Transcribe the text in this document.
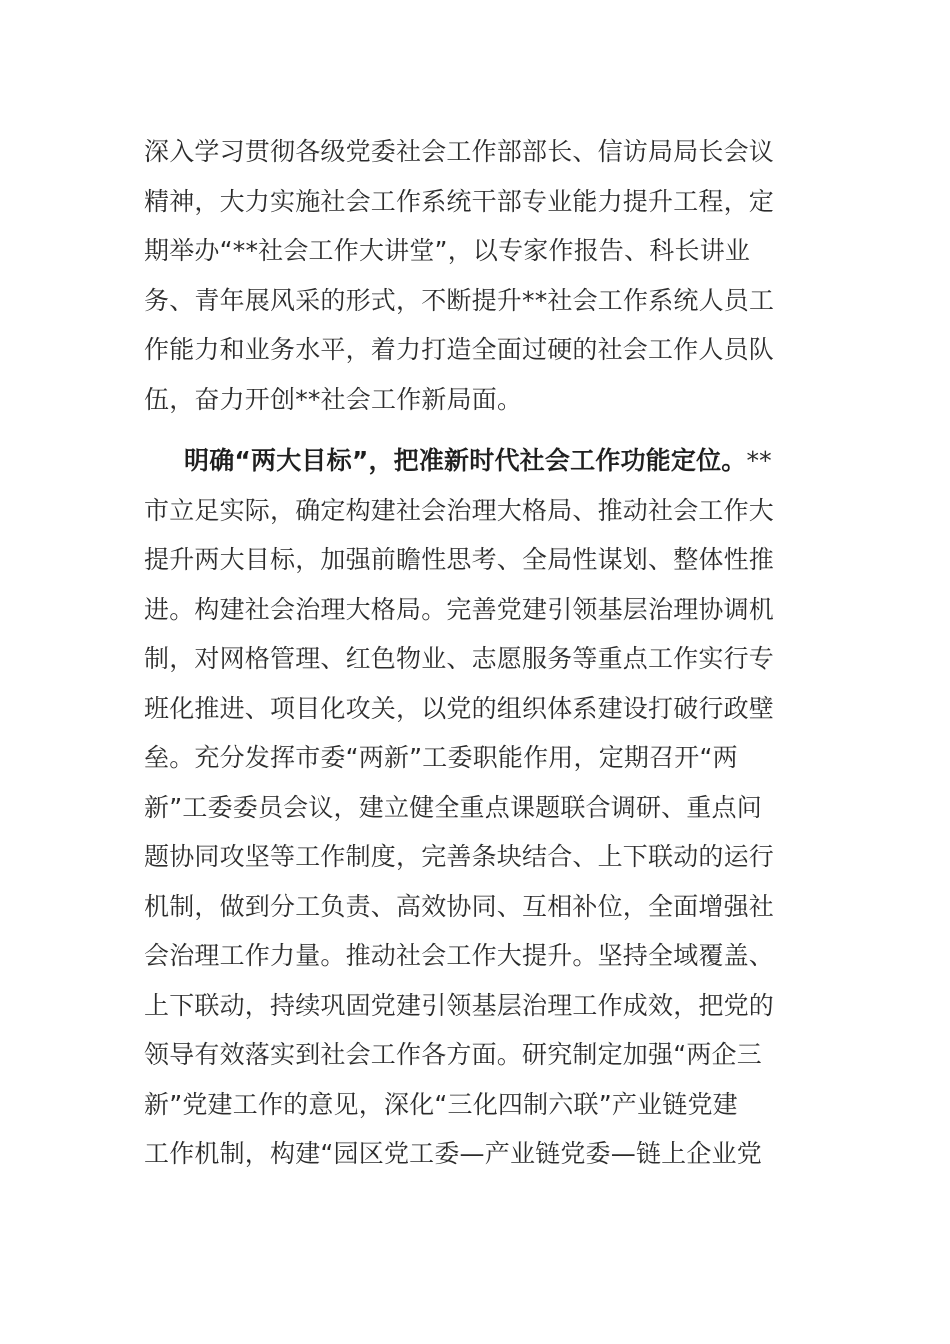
深入学习贯彻各级党委社会工作部部长、信访局局长会议
精神，大力实施社会工作系统干部专业能力提升工程，定
期举办“**社会工作大讲堂”，以专家作报告、科长讲业
务、青年展风采的形式，不断提升**社会工作系统人员工
作能力和业务水平，着力打造全面过硬的社会工作人员队
伍，奋力开创**社会工作新局面。
明确“两大目标”，把准新时代社会工作功能定位。**
市立足实际，确定构建社会治理大格局、推动社会工作大
提升两大目标，加强前瞻性思考、全局性谋划、整体性推
进。构建社会治理大格局。完善党建引领基层治理协调机
制，对网格管理、红色物业、志愿服务等重点工作实行专
班化推进、项目化攻关，以党的组织体系建设打破行政壁
垒。充分发挥市委“两新”工委职能作用，定期召开“两
新”工委委员会议，建立健全重点课题联合调研、重点问
题协同攻坚等工作制度，完善条块结合、上下联动的运行
机制，做到分工负责、高效协同、互相补位，全面增强社
会治理工作力量。推动社会工作大提升。坚持全域覆盖、
上下联动，持续巩固党建引领基层治理工作成效，把党的
领导有效落实到社会工作各方面。研究制定加强“两企三
新”党建工作的意见，深化“三化四制六联”产业链党建
工作机制，构建“园区党工委—产业链党委—链上企业党
